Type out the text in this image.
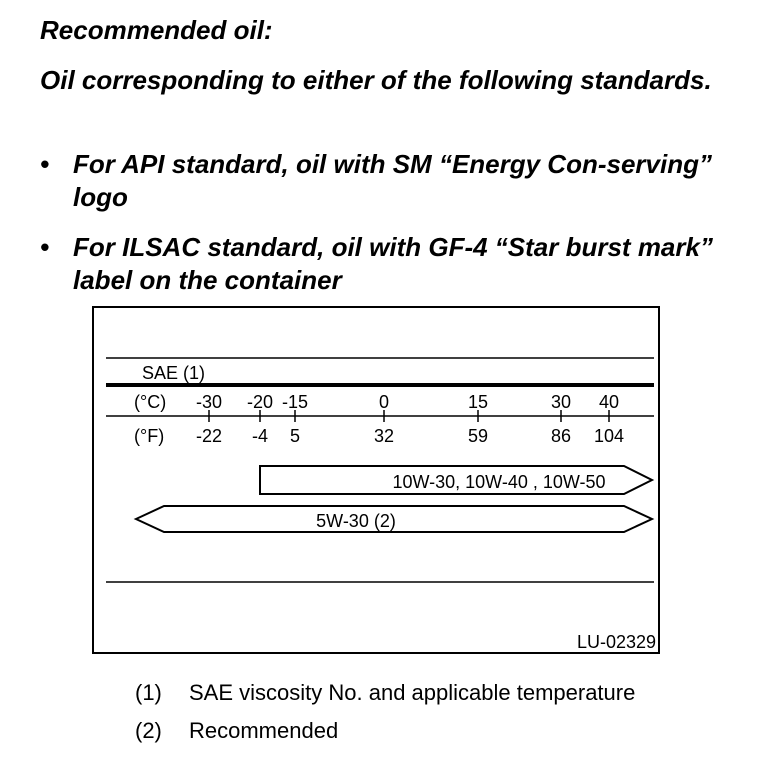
Recommended oil:

Oil corresponding to either of the following standards.

• For API standard, oil with SM “Energy Con-serving” logo
• For ILSAC standard, oil with GF-4 “Star burst mark” label on the container
SAE (1)
(°C)
(°F)
-30
-22
-20
-4
-15
5
0
32
15
59
30
86
40
104
10W-30, 10W-40 , 10W-50
5W-30 (2)
LU-02329
(1) SAE viscosity No. and applicable temperature
(2) Recommended
